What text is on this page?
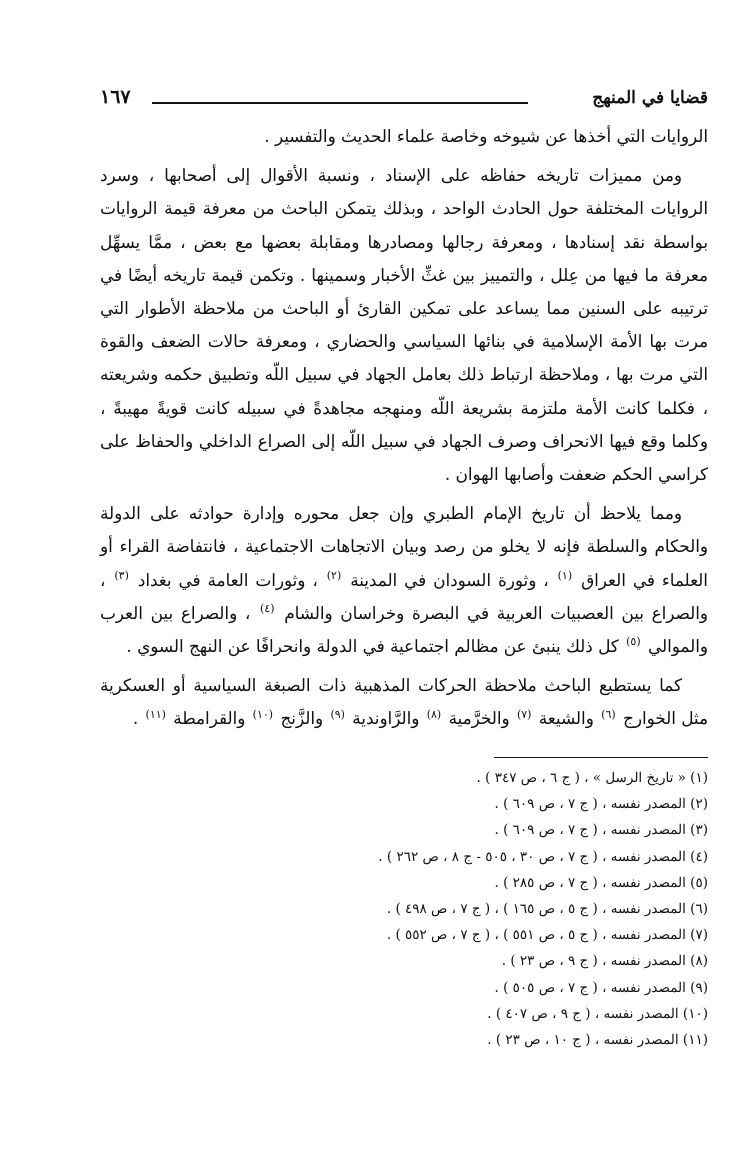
قضايا في المنهج
١٦٧

الروايات التي أخذها عن شيوخه وخاصة علماء الحديث والتفسير .

ومن مميزات تاريخه حفاظه على الإسناد ، ونسبة الأقوال إلى أصحابها ، وسرد الروايات المختلفة حول الحادث الواحد ، وبذلك يتمكن الباحث من معرفة قيمة الروايات بواسطة نقد إسنادها ، ومعرفة رجالها ومصادرها ومقابلة بعضها مع بعض ، ممَّا يسهِّل معرفة ما فيها من عِلل ، والتمييز بين غثِّ الأخبار وسمينها . وتكمن قيمة تاريخه أيضًا في ترتيبه على السنين مما يساعد على تمكين القارئ أو الباحث من ملاحظة الأطوار التي مرت بها الأمة الإسلامية في بنائها السياسي والحضاري ، ومعرفة حالات الضعف والقوة التي مرت بها ، وملاحظة ارتباط ذلك بعامل الجهاد في سبيل اللّه وتطبيق حكمه وشريعته ، فكلما كانت الأمة ملتزمة بشريعة اللّه ومنهجه مجاهدةً في سبيله كانت قويةً مهيبةً ، وكلما وقع فيها الانحراف وصرف الجهاد في سبيل اللّه إلى الصراع الداخلي والحفاظ على كراسي الحكم ضعفت وأصابها الهوان .

ومما يلاحظ أن تاريخ الإمام الطبري وإن جعل محوره وإدارة حوادثه على الدولة والحكام والسلطة فإنه لا يخلو من رصد وبيان الاتجاهات الاجتماعية ، فانتفاضة القراء أو العلماء في العراق $^{(١)}$ ، وثورة السودان في المدينة $^{(٢)}$ ، وثورات العامة في بغداد $^{(٣)}$ ، والصراع بين العصبيات العربية في البصرة وخراسان والشام $^{(٤)}$ ، والصراع بين العرب والموالي $^{(٥)}$ كل ذلك ينبئ عن مظالم اجتماعية في الدولة وانحرافًا عن النهج السوي .

كما يستطيع الباحث ملاحظة الحركات المذهبية ذات الصبغة السياسية أو العسكرية مثل الخوارج $^{(٦)}$ والشيعة $^{(٧)}$ والخرَّمية $^{(٨)}$ والرَّاوندية $^{(٩)}$ والزَّنج $^{(١٠)}$ والقرامطة $^{(١١)}$ .

(١) « تاريخ الرسل » ، ( ج ٦ ، ص ٣٤٧ ) .
(٢) المصدر نفسه ، ( ج ٧ ، ص ٦٠٩ ) .
(٣) المصدر نفسه ، ( ج ٧ ، ص ٦٠٩ ) .
(٤) المصدر نفسه ، ( ج ٧ ، ص ٣٠ ، ٥٠٥ - ج ٨ ، ص ٢٦٢ ) .
(٥) المصدر نفسه ، ( ج ٧ ، ص ٢٨٥ ) .
(٦) المصدر نفسه ، ( ج ٥ ، ص ١٦٥ ) ، ( ج ٧ ، ص ٤٩٨ ) .
(٧) المصدر نفسه ، ( ج ٥ ، ص ٥٥١ ) ، ( ج ٧ ، ص ٥٥٢ ) .
(٨) المصدر نفسه ، ( ج ٩ ، ص ٢٣ ) .
(٩) المصدر نفسه ، ( ج ٧ ، ص ٥٠٥ ) .
(١٠) المصدر نفسه ، ( ج ٩ ، ص ٤٠٧ ) .
(١١) المصدر نفسه ، ( ج ١٠ ، ص ٢٣ ) .
